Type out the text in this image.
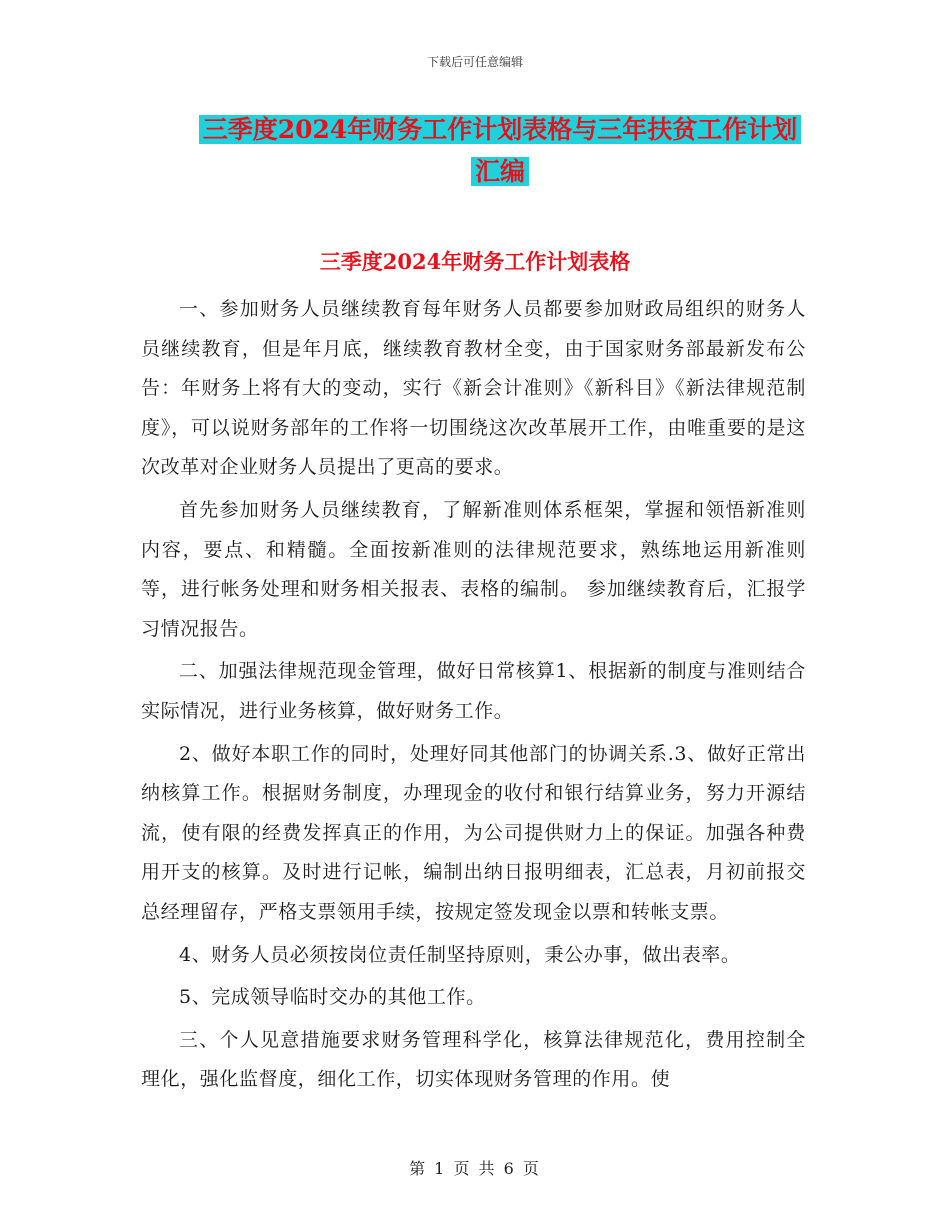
下载后可任意编辑
三季度2024年财务工作计划表格与三年扶贫工作计划
汇编
三季度2024年财务工作计划表格

一、参加财务人员继续教育每年财务人员都要参加财政局组织的财务人员继续教育，但是年月底，继续教育教材全变，由于国家财务部最新发布公告：年财务上将有大的变动，实行《新会计准则》《新科目》《新法律规范制度》，可以说财务部年的工作将一切围绕这次改革展开工作，由唯重要的是这次改革对企业财务人员提出了更高的要求。

首先参加财务人员继续教育，了解新准则体系框架，掌握和领悟新准则内容，要点、和精髓。全面按新准则的法律规范要求，熟练地运用新准则等，进行帐务处理和财务相关报表、表格的编制。 参加继续教育后，汇报学习情况报告。

二、加强法律规范现金管理，做好日常核算1、根据新的制度与准则结合实际情况，进行业务核算，做好财务工作。

2、做好本职工作的同时，处理好同其他部门的协调关系.3、做好正常出纳核算工作。根据财务制度，办理现金的收付和银行结算业务，努力开源结流，使有限的经费发挥真正的作用，为公司提供财力上的保证。加强各种费用开支的核算。及时进行记帐，编制出纳日报明细表，汇总表，月初前报交总经理留存，严格支票领用手续，按规定签发现金以票和转帐支票。

4、财务人员必须按岗位责任制坚持原则，秉公办事，做出表率。

5、完成领导临时交办的其他工作。

三、个人见意措施要求财务管理科学化，核算法律规范化，费用控制全理化，强化监督度，细化工作，切实体现财务管理的作用。使

第 1 页 共 6 页
